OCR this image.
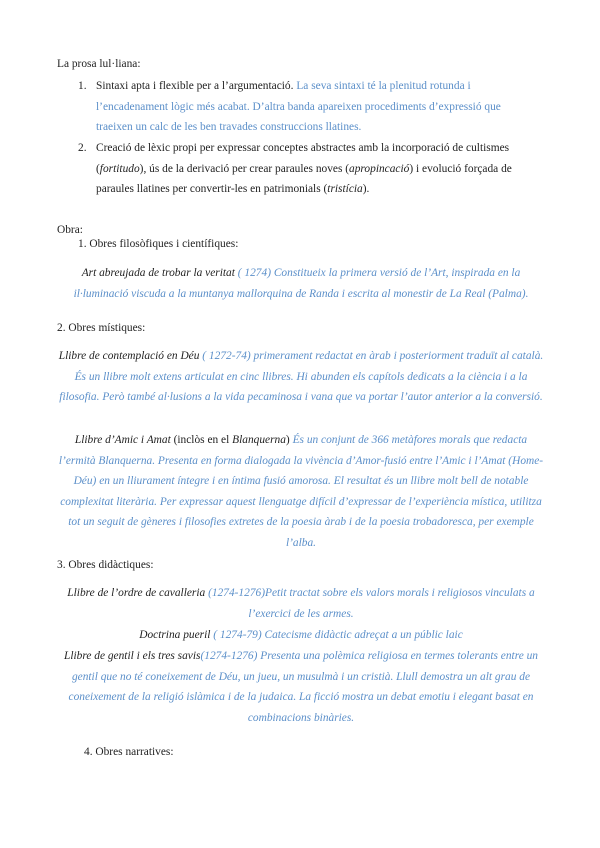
La prosa lul·liana:
1. Sintaxi apta i flexible per a l’argumentació. La seva sintaxi té la plenitud rotunda i l’encadenament lògic més acabat. D’altra banda apareixen procediments d’expressió que traeixen un calc de les ben travades construccions llatines.
2. Creació de lèxic propi per expressar conceptes abstractes amb la incorporació de cultismes (fortitudo), ús de la derivació per crear paraules noves (apropincació) i evolució forçada de paraules llatines per convertir-les en patrimonials (tristícia).
Obra:
1. Obres filosòfiques i científiques:
Art abreujada de trobar la veritat ( 1274) Constitueix la primera versió de l’Art, inspirada en la il·luminació viscuda a la muntanya mallorquina de Randa i escrita al monestir de La Real (Palma).
2. Obres místiques:
Llibre de contemplació en Déu ( 1272-74) primerament redactat en àrab i posteriorment traduït al català. És un llibre molt extens articulat en cinc llibres. Hi abunden els capítols dedicats a la ciència i a la filosofia. Però també al·lusions a la vida pecaminosa i vana que va portar l’autor anterior a la conversió.
Llibre d’Amic i Amat (inclòs en el Blanquerna) És un conjunt de 366 metàfores morals que redacta l’ermità Blanquerna. Presenta en forma dialogada la vivència d’Amor-fusió entre l’Amic i l’Amat (Home- Déu) en un lliurament íntegre i en íntima fusió amorosa. El resultat és un llibre molt bell de notable complexitat literària. Per expressar aquest llenguatge difícil d’expressar de l’experiència mística, utilitza tot un seguit de gèneres i filosofies extretes de la poesia àrab i de la poesia trobadoresca, per exemple l’alba.
3. Obres didàctiques:
Llibre de l’ordre de cavalleria (1274-1276)Petit tractat sobre els valors morals i religiosos vinculats a l’exercici de les armes.
Doctrina pueril ( 1274-79) Catecisme didàctic adreçat a un públic laic
Llibre de gentil i els tres savis(1274-1276) Presenta una polèmica religiosa en termes tolerants entre un gentil que no té coneixement de Déu, un jueu, un musulmà i un cristià. Llull demostra un alt grau de coneixement de la religió islàmica i de la judaica. La ficció mostra un debat emotiu i elegant basat en combinacions binàries.
4. Obres narratives:
